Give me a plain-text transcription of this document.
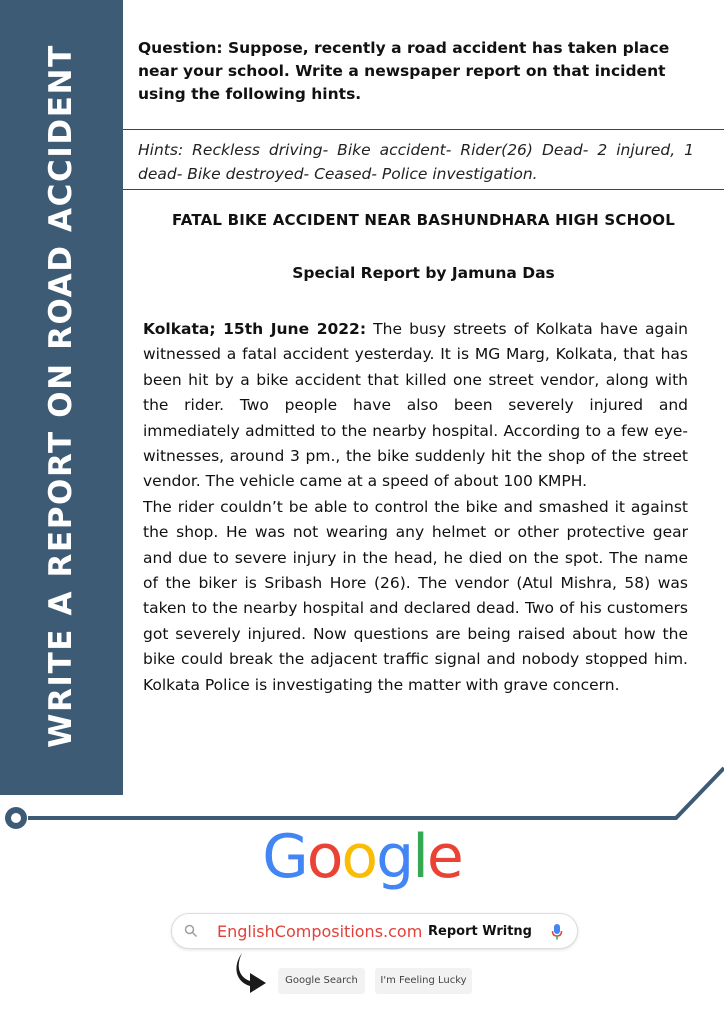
WRITE A REPORT ON ROAD ACCIDENT	Question: Suppose, recently a road accident has taken place near your school. Write a newspaper report on that incident using the following hints.
Hints: Reckless driving- Bike accident- Rider(26) Dead- 2 injured, 1 dead- Bike destroyed- Ceased- Police investigation.
FATAL BIKE ACCIDENT NEAR BASHUNDHARA HIGH SCHOOL
Special Report by Jamuna Das

Kolkata; 15th June 2022: The busy streets of Kolkata have again witnessed a fatal accident yesterday. It is MG Marg, Kolkata, that has been hit by a bike accident that killed one street vendor, along with the rider. Two people have also been severely injured and immediately admitted to the nearby hospital. According to a few eye-witnesses, around 3 pm., the bike suddenly hit the shop of the street vendor. The vehicle came at a speed of about 100 KMPH.

The rider couldn’t be able to control the bike and smashed it against the shop. He was not wearing any helmet or other protective gear and due to severe injury in the head, he died on the spot. The name of the biker is Sribash Hore (26). The vendor (Atul Mishra, 58) was taken to the nearby hospital and declared dead. Two of his customers got severely injured. Now questions are being raised about how the bike could break the adjacent traffic signal and nobody stopped him. Kolkata Police is investigating the matter with grave concern.

Google
EnglishCompositions.com Report Writng
Google Search	I'm Feeling Lucky
